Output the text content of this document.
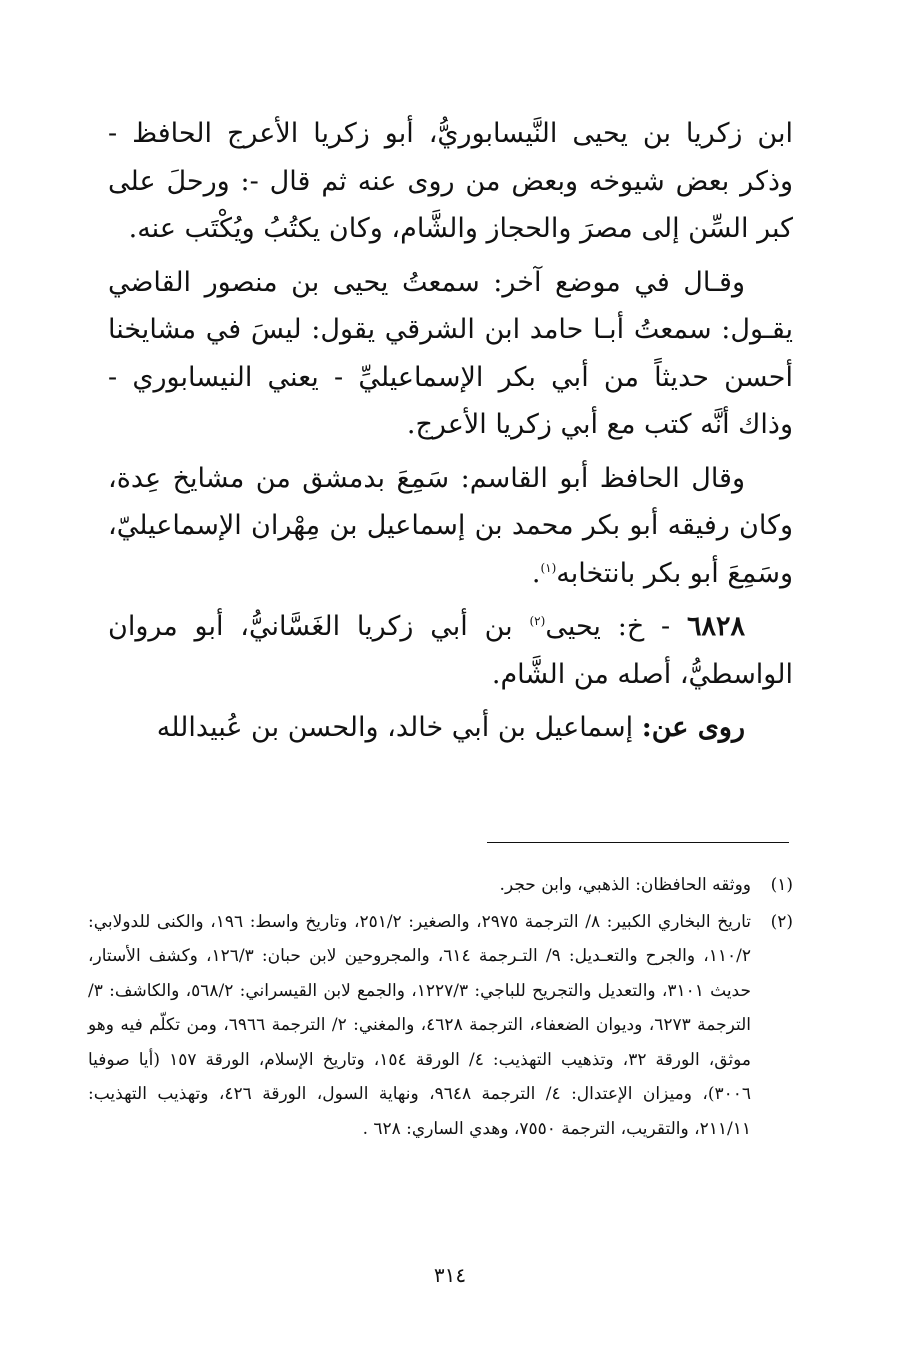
ابن زكريا بن يحيى النَّيسابوريُّ، أبو زكريا الأعرج الحافظ - وذكر بعض شيوخه وبعض من روى عنه ثم قال -: ورحلَ على كبر السِّن إلى مصرَ والحجاز والشَّام، وكان يكتُبُ ويُكْتَب عنه.

وقـال في موضع آخر: سمعتُ يحيى بن منصور القاضي يقـول: سمعتُ أبـا حامد ابن الشرقي يقول: ليسَ في مشايخنا أحسن حديثاً من أبي بكر الإسماعيليِّ - يعني النيسابوري - وذاك أنَّه كتب مع أبي زكريا الأعرج.

وقال الحافظ أبو القاسم: سَمِعَ بدمشق من مشايخ عِدة، وكان رفيقه أبو بكر محمد بن إسماعيل بن مِهْران الإسماعيليّ، وسَمِعَ أبو بكر بانتخابه$^{(١)}$.

٦٨٢٨ - خ: يحيى$^{(٢)}$ بن أبي زكريا الغَسَّانيُّ، أبو مروان الواسطيُّ، أصله من الشَّام.

روى عن: إسماعيل بن أبي خالد، والحسن بن عُبيدالله

(١)
ووثقه الحافظان: الذهبي، وابن حجر.
(٢)
تاريخ البخاري الكبير: ٨/ الترجمة ٢٩٧٥، والصغير: ٢٥١/٢، وتاريخ واسط: ١٩٦، والكنى للدولابي: ١١٠/٢، والجرح والتعـديل: ٩/ التـرجمة ٦١٤، والمجروحين لابن حبان: ١٢٦/٣، وكشف الأستار، حديث ٣١٠١، والتعديل والتجريح للباجي: ١٢٢٧/٣، والجمع لابن القيسراني: ٥٦٨/٢، والكاشف: ٣/ الترجمة ٦٢٧٣، وديوان الضعفاء، الترجمة ٤٦٢٨، والمغني: ٢/ الترجمة ٦٩٦٦، ومن تكلّم فيه وهو موثق، الورقة ٣٢، وتذهيب التهذيب: ٤/ الورقة ١٥٤، وتاريخ الإسلام، الورقة ١٥٧ (أيا صوفيا ٣٠٠٦)، وميزان الإعتدال: ٤/ الترجمة ٩٦٤٨، ونهاية السول، الورقة ٤٢٦، وتهذيب التهذيب: ٢١١/١١، والتقريب، الترجمة ٧٥٥٠، وهدي الساري: ٦٢٨ .
٣١٤
